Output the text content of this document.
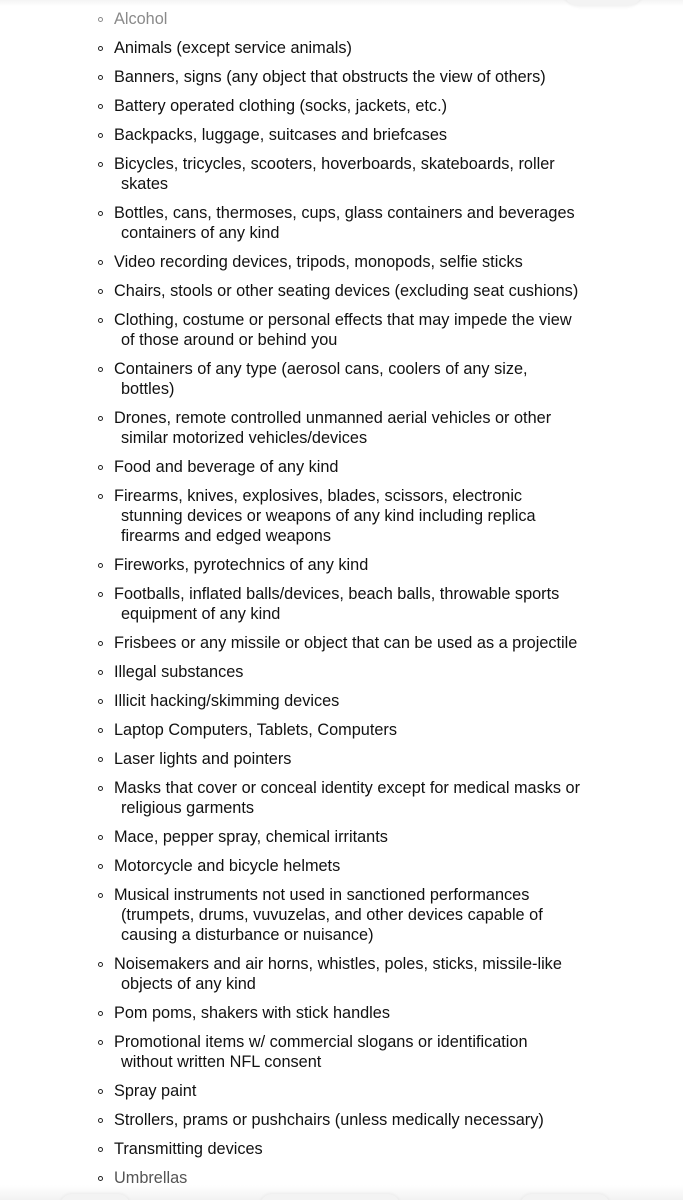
Alcohol
Animals (except service animals)
Banners, signs (any object that obstructs the view of others)
Battery operated clothing (socks, jackets, etc.)
Backpacks, luggage, suitcases and briefcases
Bicycles, tricycles, scooters, hoverboards, skateboards, roller
skates
Bottles, cans, thermoses, cups, glass containers and beverages
containers of any kind
Video recording devices, tripods, monopods, selfie sticks
Chairs, stools or other seating devices (excluding seat cushions)
Clothing, costume or personal effects that may impede the view
of those around or behind you
Containers of any type (aerosol cans, coolers of any size,
bottles)
Drones, remote controlled unmanned aerial vehicles or other
similar motorized vehicles/devices
Food and beverage of any kind
Firearms, knives, explosives, blades, scissors, electronic
stunning devices or weapons of any kind including replica
firearms and edged weapons
Fireworks, pyrotechnics of any kind
Footballs, inflated balls/devices, beach balls, throwable sports
equipment of any kind
Frisbees or any missile or object that can be used as a projectile
Illegal substances
Illicit hacking/skimming devices
Laptop Computers, Tablets, Computers
Laser lights and pointers
Masks that cover or conceal identity except for medical masks or
religious garments
Mace, pepper spray, chemical irritants
Motorcycle and bicycle helmets
Musical instruments not used in sanctioned performances
(trumpets, drums, vuvuzelas, and other devices capable of
causing a disturbance or nuisance)
Noisemakers and air horns, whistles, poles, sticks, missile-like
objects of any kind
Pom poms, shakers with stick handles
Promotional items w/ commercial slogans or identification
without written NFL consent
Spray paint
Strollers, prams or pushchairs (unless medically necessary)
Transmitting devices
Umbrellas
